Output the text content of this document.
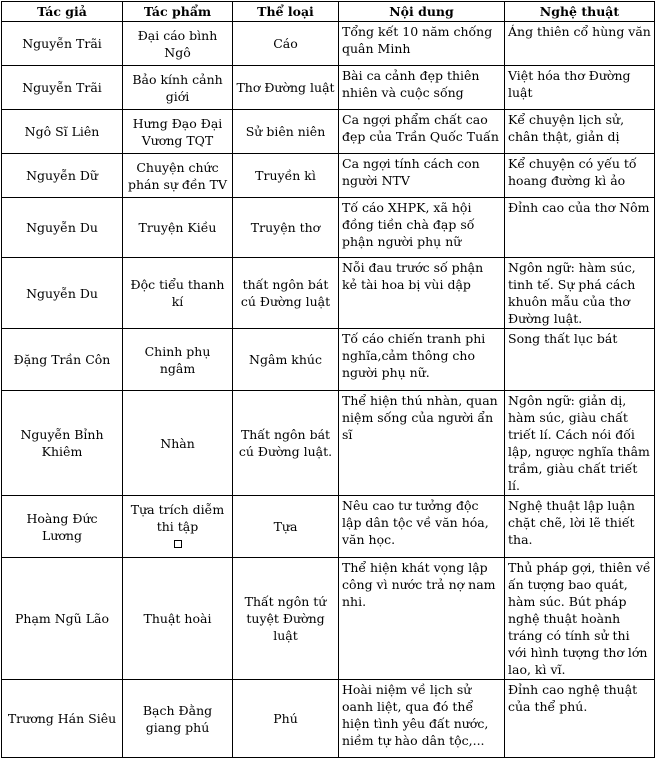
Tác giả	Tác phẩm	Thể loại	Nội dung	Nghệ thuật
Nguyễn Trãi	Đại cáo bình Ngô	Cáo	Tổng kết 10 năm chống quân Minh	Áng thiên cổ hùng văn
Nguyễn Trãi	Bảo kính cảnh giới	Thơ Đường luật	Bài ca cảnh đẹp thiên nhiên và cuộc sống	Việt hóa thơ Đường luật
Ngô Sĩ Liên	Hưng Đạo Đại Vương TQT	Sử biên niên	Ca ngợi phẩm chất cao đẹp của Trần Quốc Tuấn	Kể chuyện lịch sử, chân thật, giản dị
Nguyễn Dữ	Chuyện chức phán sự đền TV	Truyền kì	Ca ngợi tính cách con người NTV	Kể chuyện có yếu tố hoang đường kì ảo
Nguyễn Du	Truyện Kiều	Truyện thơ	Tố cáo XHPK, xã hội đồng tiền chà đạp số phận người phụ nữ	Đỉnh cao của thơ Nôm
Nguyễn Du	Độc tiểu thanh kí	thất ngôn bát cú Đường luật	Nỗi đau trước số phận kẻ tài hoa bị vùi dập	Ngôn ngữ: hàm súc, tinh tế. Sự phá cách khuôn mẫu của thơ Đường luật.
Đặng Trần Côn	Chinh phụ ngâm	Ngâm khúc	Tố cáo chiến tranh phi nghĩa,cảm thông cho người phụ nữ.	Song thất lục bát
Nguyễn Bỉnh Khiêm	Nhàn	Thất ngôn bát cú Đường luật.	Thể hiện thú nhàn, quan niệm sống của người ẩn sĩ	Ngôn ngữ: giản dị, hàm súc, giàu chất triết lí. Cách nói đối lập, ngược nghĩa thâm trầm, giàu chất triết lí.
Hoàng Đức Lương	Tựa trích diễm thi tập	Tựa	Nêu cao tư tưởng độc lập dân tộc về văn hóa, văn học.	Nghệ thuật lập luận chặt chẽ, lời lẽ thiết tha.
Phạm Ngũ Lão	Thuật hoài	Thất ngôn tứ tuyệt Đường luật	Thể hiện khát vọng lập công vì nước trả nợ nam nhi.	Thủ pháp gợi, thiên về ấn tượng bao quát, hàm súc. Bút pháp nghệ thuật hoành tráng có tính sử thi với hình tượng thơ lớn lao, kì vĩ.
Trương Hán Siêu	Bạch Đằng giang phú	Phú	Hoài niệm về lịch sử oanh liệt, qua đó thể hiện tình yêu đất nước, niềm tự hào dân tộc,...	Đỉnh cao nghệ thuật của thể phú.
